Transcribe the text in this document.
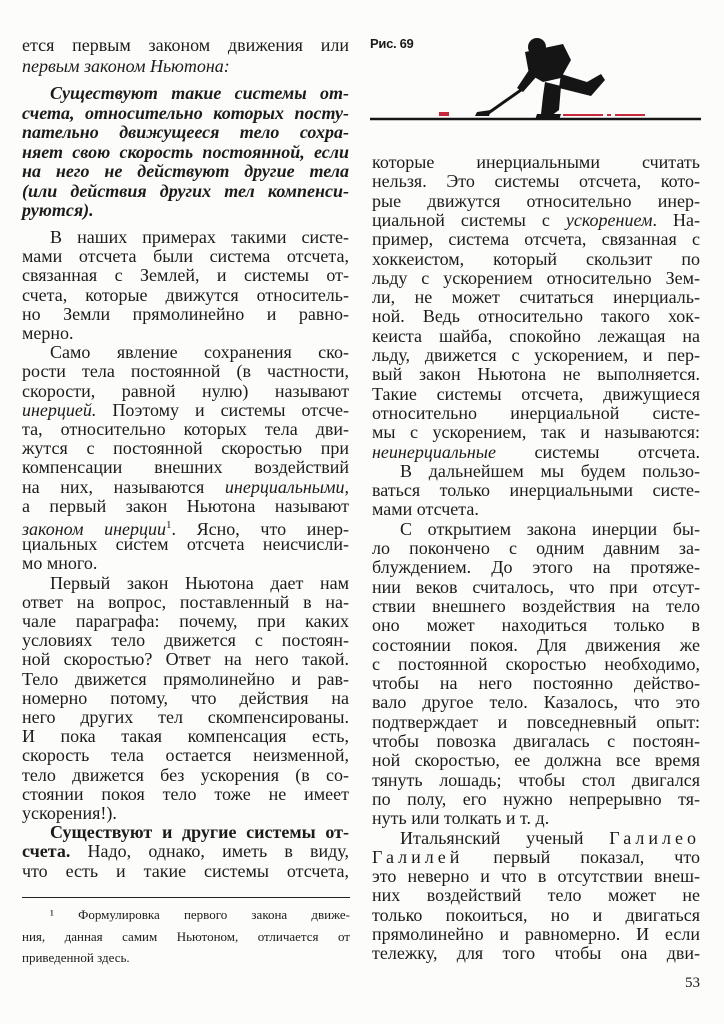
ется первым законом движения или
первым законом Ньютона:
Существуют такие системы от-
счета, относительно которых посту-
пательно движущееся тело сохра-
няет свою скорость постоянной, если
на него не действуют другие тела
(или действия других тел компенси-
руются).
В наших примерах такими систе-
мами отсчета были система отсчета,
связанная с Землей, и системы от-
счета, которые движутся относитель-
но Земли прямолинейно и равно-
мерно.
Само явление сохранения ско-
рости тела постоянной (в частности,
скорости, равной нулю) называют
инерцией. Поэтому и системы отсче-
та, относительно которых тела дви-
жутся с постоянной скоростью при
компенсации внешних воздействий
на них, называются инерциальными,
а первый закон Ньютона называют
законом инерции$^1$. Ясно, что инер-
циальных систем отсчета неисчисли-
мо много.
Первый закон Ньютона дает нам
ответ на вопрос, поставленный в на-
чале параграфа: почему, при каких
условиях тело движется с постоян-
ной скоростью? Ответ на него такой.
Тело движется прямолинейно и рав-
номерно потому, что действия на
него других тел скомпенсированы.
И пока такая компенсация есть,
скорость тела остается неизменной,
тело движется без ускорения (в со-
стоянии покоя тело тоже не имеет
ускорения!).
Существуют и другие системы от-
счета. Надо, однако, иметь в виду,
что есть и такие системы отсчета,
которые инерциальными считать
нельзя. Это системы отсчета, кото-
рые движутся относительно инер-
циальной системы с ускорением. На-
пример, система отсчета, связанная с
хоккеистом, который скользит по
льду с ускорением относительно Зем-
ли, не может считаться инерциаль-
ной. Ведь относительно такого хок-
кеиста шайба, спокойно лежащая на
льду, движется с ускорением, и пер-
вый закон Ньютона не выполняется.
Такие системы отсчета, движущиеся
относительно инерциальной систе-
мы с ускорением, так и называются:
неинерциальные системы отсчета.
В дальнейшем мы будем пользо-
ваться только инерциальными систе-
мами отсчета.
С открытием закона инерции бы-
ло покончено с одним давним за-
блуждением. До этого на протяже-
нии веков считалось, что при отсут-
ствии внешнего воздействия на тело
оно может находиться только в
состоянии покоя. Для движения же
с постоянной скоростью необходимо,
чтобы на него постоянно действо-
вало другое тело. Казалось, что это
подтверждает и повседневный опыт:
чтобы повозка двигалась с постоян-
ной скоростью, ее должна все время
тянуть лошадь; чтобы стол двигался
по полу, его нужно непрерывно тя-
нуть или толкать и т. д.
Итальянский ученый Галилео
Галилей первый показал, что
это неверно и что в отсутствии внеш-
них воздействий тело может не
только покоиться, но и двигаться
прямолинейно и равномерно. И если
тележку, для того чтобы она дви-
Рис. 69
¹ Формулировка первого закона движе-
ния, данная самим Ньютоном, отличается от
приведенной здесь.
53
